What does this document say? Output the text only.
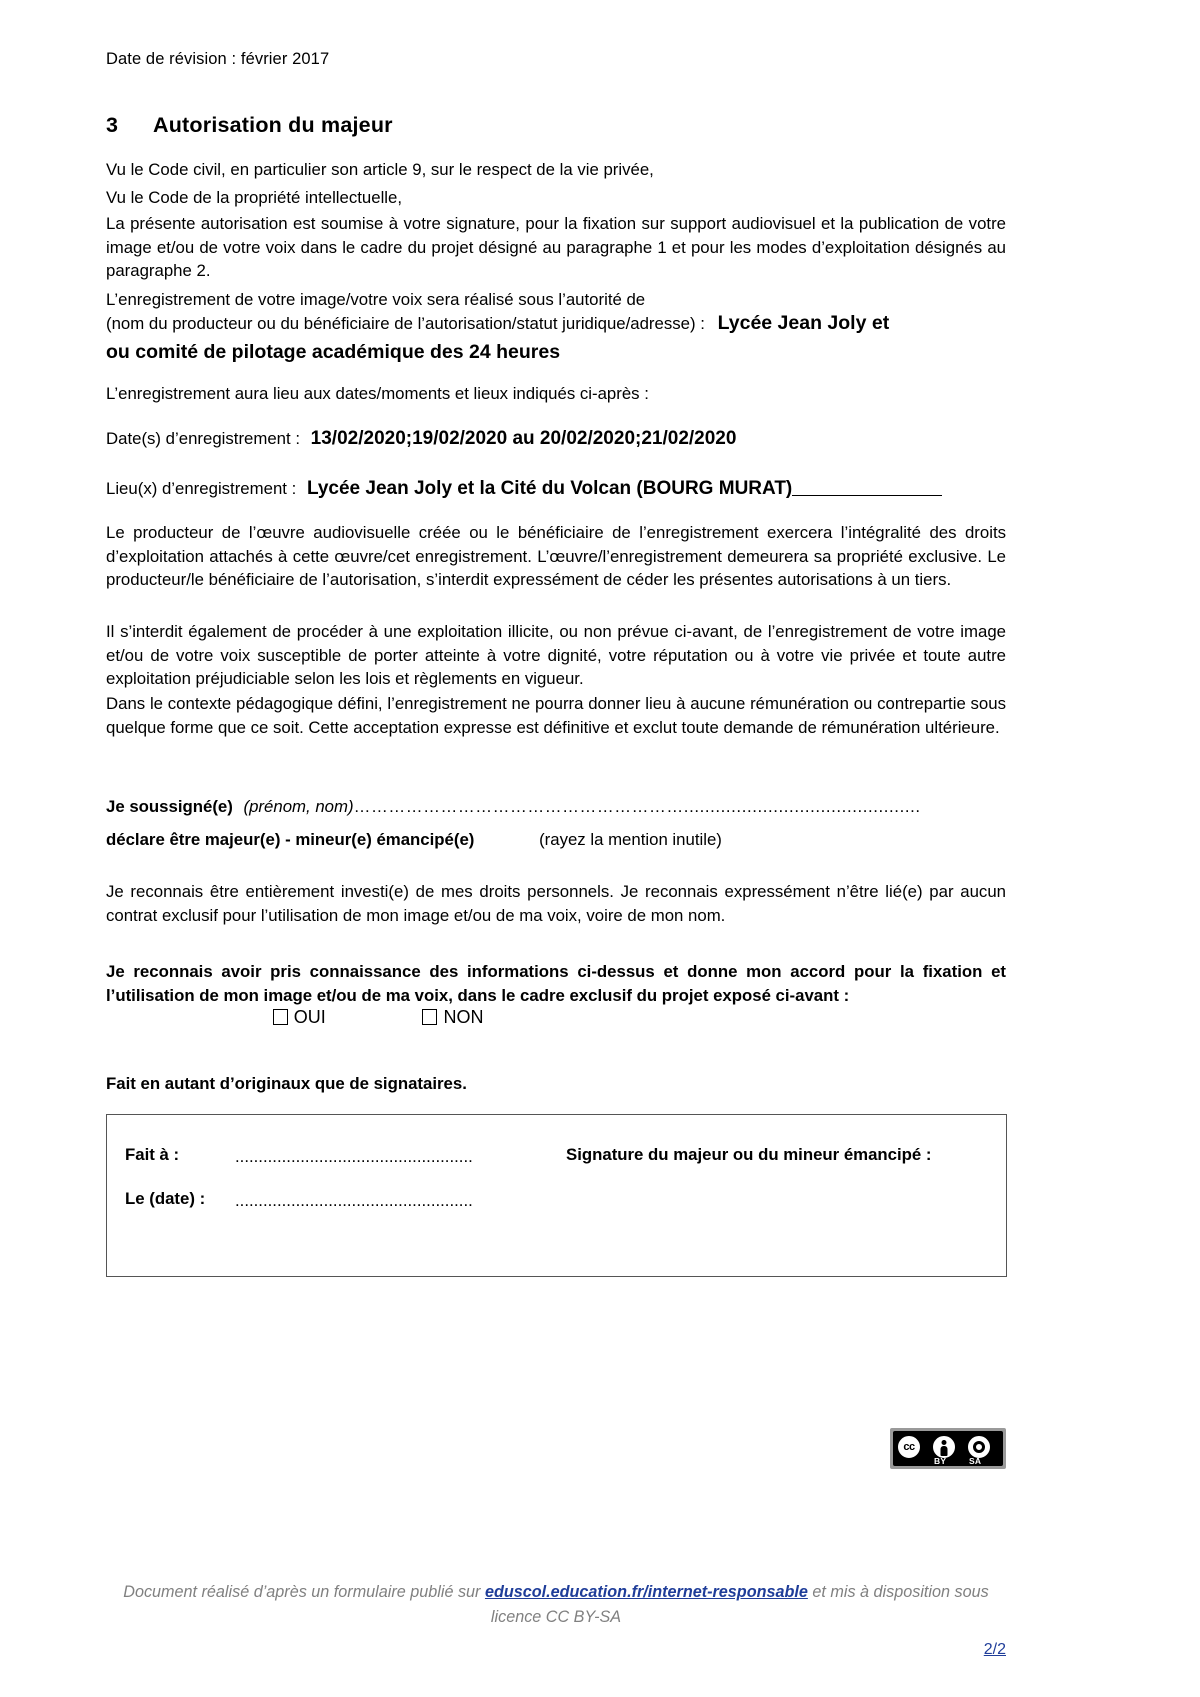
Date de révision : février 2017
3 Autorisation du majeur
Vu le Code civil, en particulier son article 9, sur le respect de la vie privée,
Vu le Code de la propriété intellectuelle,
La présente autorisation est soumise à votre signature, pour la fixation sur support audiovisuel et la publication de votre image et/ou de votre voix dans le cadre du projet désigné au paragraphe 1 et pour les modes d’exploitation désignés au paragraphe 2.
L’enregistrement de votre image/votre voix sera réalisé sous l’autorité de
(nom du producteur ou du bénéficiaire de l’autorisation/statut juridique/adresse) : Lycée Jean Joly et
ou comité de pilotage académique des 24 heures
L’enregistrement aura lieu aux dates/moments et lieux indiqués ci-après :
Date(s) d’enregistrement : 13/02/2020;19/02/2020 au 20/02/2020;21/02/2020
Lieu(x) d’enregistrement : Lycée Jean Joly et la Cité du Volcan (BOURG MURAT)
Le producteur de l’œuvre audiovisuelle créée ou le bénéficiaire de l’enregistrement exercera l’intégralité des droits d’exploitation attachés à cette œuvre/cet enregistrement. L’œuvre/l’enregistrement demeurera sa propriété exclusive. Le producteur/le bénéficiaire de l’autorisation, s’interdit expressément de céder les présentes autorisations à un tiers.
Il s’interdit également de procéder à une exploitation illicite, ou non prévue ci-avant, de l’enregistrement de votre image et/ou de votre voix susceptible de porter atteinte à votre dignité, votre réputation ou à votre vie privée et toute autre exploitation préjudiciable selon les lois et règlements en vigueur.
Dans le contexte pédagogique défini, l’enregistrement ne pourra donner lieu à aucune rémunération ou contrepartie sous quelque forme que ce soit. Cette acceptation expresse est définitive et exclut toute demande de rémunération ultérieure.
Je soussigné(e) (prénom, nom)………………………………………………….............................................
déclare être majeur(e) - mineur(e) émancipé(e)	(rayez la mention inutile)
Je reconnais être entièrement investi(e) de mes droits personnels. Je reconnais expressément n’être lié(e) par aucun contrat exclusif pour l’utilisation de mon image et/ou de ma voix, voire de mon nom.
Je reconnais avoir pris connaissance des informations ci-dessus et donne mon accord pour la fixation et l’utilisation de mon image et/ou de ma voix, dans le cadre exclusif du projet exposé ci-avant :
OUI	NON
Fait en autant d’originaux que de signataires.
Fait à :	...................................................	Signature du majeur ou du mineur émancipé :
Le (date) : ...................................................
cc
BY	SA
Document réalisé d’après un formulaire publié sur eduscol.education.fr/internet-responsable et mis à disposition sous licence CC BY-SA
2/2
